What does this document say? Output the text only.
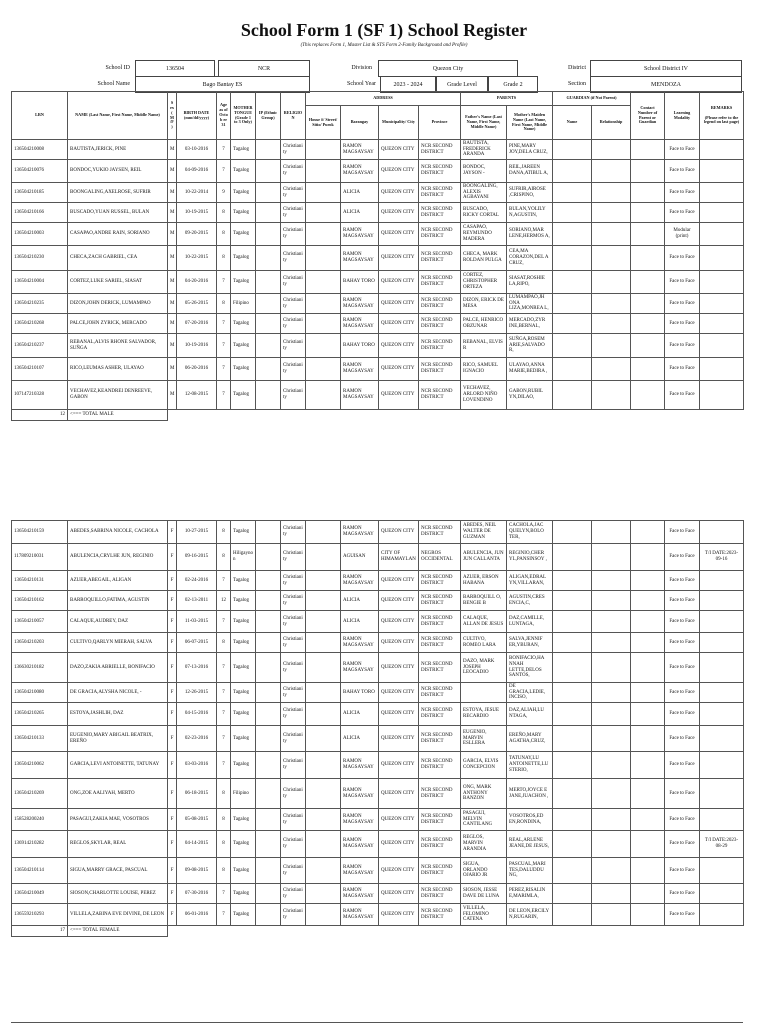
School Form 1 (SF 1) School Register
(This replaces Form 1, Master List & STS Form 2-Family Background and Profile)
School ID	136504	NCR	Division	Quezon City	District	School District IV
School Name	Bago Bantay ES	School Year	2023 - 2024	Grade Level	Grade 2	Section	MENDOZA
LRN	NAME (Last Name, First Name, Middle Name)	Sex (M/F)	BIRTH DATE (mm/dd/yyyy)	Age as of Octob er 31	MOTHER TONGUE (Grade 1 to 3 Only)	IP (Ethnic Group)	RELIGIO N	ADDRESS				PARENTS		GUARDIAN (if Not Parent)		Contact Number of Parent or Guardian	Learning Modality	REMARKS

(Please refer to the legend on last page)
								House #/ Street/ Sitio/ Purok	Barangay	Municipality/ City	Province	Father's Name (Last Name, First Name, Middle Name)	Mother's Maiden Name (Last Name, First Name, Middle Name)	Name	Relationship			
136504210008	BAUTISTA,JERICK, PINE	M	03-10-2016	7	Tagalog		Christianity		RAMON MAGSAYSAY	QUEZON CITY	NCR SECOND DISTRICT	BAUTISTA, FREDERICK ARANDA	PINE,MARY JOY,DELA CRUZ,				Face to Face	
136504210076	BONDOC,YUKIO JAYSEN, REIL	M	04-09-2016	7	Tagalog		Christianity		RAMON MAGSAYSAY	QUEZON CITY	NCR SECOND DISTRICT	BONDOC, JAYSON -	REIL,JAREEN DANA,ATIBUL A,				Face to Face	
136504210185	BOONGALING,AXELROSE, SUFRIR	M	10-22-2014	9	Tagalog		Christianity		ALICIA	QUEZON CITY	NCR SECOND DISTRICT	BOONGALING, ALEXIS AGBAYANI	SUFRIR,AIROSE ,CRISPINO,				Face to Face	
136504210166	BUSCADO,YUAN RUSSEL, BULAN	M	10-19-2015	8	Tagalog		Christianity		ALICIA	QUEZON CITY	NCR SECOND DISTRICT	BUSCADO, RICKY CORTAL	BULAN,YOLILY N,AGUSTIN,				Face to Face	
136504210003	CASAPAO,ANDRE RAIN, SORIANO	M	09-20-2015	8	Tagalog		Christianity		RAMON MAGSAYSAY	QUEZON CITY	NCR SECOND DISTRICT	CASAPAO, REYMUNDO MADERA	SORIANO,MAR LENE,HERMOS A,				Modular (print)	
136504210230	CHECA,ZACH GABRIEL, CEA	M	10-22-2015	8	Tagalog		Christianity		RAMON MAGSAYSAY	QUEZON CITY	NCR SECOND DISTRICT	CHECA, MARK ROLDAN PULGA	CEA,MA CORAZON,DEL A CRUZ,				Face to Face	
136504210004	CORTEZ,LUKE SARIEL, SIASAT	M	04-20-2016	7	Tagalog		Christianity		BAHAY TORO	QUEZON CITY	NCR SECOND DISTRICT	CORTEZ, CHRISTOPHER ORTEZA	SIASAT,ROSHIE LA,RIPO,				Face to Face	
136504210235	DIZON,JOHN DERICK, LUMAMPAO	M	05-26-2015	8	Filipino		Christianity		RAMON MAGSAYSAY	QUEZON CITY	NCR SECOND DISTRICT	DIZON, ERICK DE MESA	LUMAMPAO,JH ONA LIZA,MONREA L,				Face to Face	
136504210268	PALCE,JOHN ZYRICK, MERCADO	M	07-20-2016	7	Tagalog		Christianity		RAMON MAGSAYSAY	QUEZON CITY	NCR SECOND DISTRICT	PALCE, HENRICO OBZUNAR	MERCADO,ZYR INE,BERNAL,				Face to Face	
136504210237	REBANAL,ALVIS RHONE SALVADOR, SUÑGA	M	10-19-2016	7	Tagalog		Christianity		BAHAY TORO	QUEZON CITY	NCR SECOND DISTRICT	REBANAL, ELVIS R	SUÑGA,ROSEM ARIE,SALVADO R,				Face to Face	
136504210107	RICO,LEUMAS ASHER, ULAYAO	M	06-20-2016	7	Tagalog		Christianity		RAMON MAGSAYSAY	QUEZON CITY	NCR SECOND DISTRICT	RICO, SAMUEL IGNACIO	ULAYAO,ANNA MARIE,BEDIRA ,				Face to Face	
107147210328	VECHAVEZ,KEANDREI DENREEVE, GABON	M	12-08-2015	7	Tagalog		Christianity		RAMON MAGSAYSAY	QUEZON CITY	NCR SECOND DISTRICT	VECHAVEZ, ARLORD NIÑO LOVENDINO	GABON,RUBIL YN,DILAO,				Face to Face	
12	<=== TOTAL MALE																	
136504210159	ABEDES,SABRINA NICOLE, CACHOLA	F	10-27-2015	8	Tagalog		Christianity		RAMON MAGSAYSAY	QUEZON CITY	NCR SECOND DISTRICT	ABEDES, NEIL WALTER DE GUZMAN	CACHOLA,JAC QUELYN,BOLO TER,				Face to Face	
117809210031	ABULENCIA,CRYLHE JUN, REGINIO	F	09-16-2015	8	Hiligaynon		Christianity		AGUISAN	CITY OF HIMAMAYLAN	NEGROS OCCIDENTAL	ABULENCIA, JUN JUN CALLANTA	REGINIO,CHER YL,PANSINSOY ,				Face to Face	T/I DATE:2023-09-16
136504210131	AZUER,ABEGAIL, ALIGAN	F	02-24-2016	7	Tagalog		Christianity		RAMON MAGSAYSAY	QUEZON CITY	NCR SECOND DISTRICT	AZUER, ERSON HABANA	ALIGAN,EDRAL YN,VILLARAN,				Face to Face	
136504210162	BARROQUILLO,FATIMA, AGUSTIN	F	02-13-2011	12	Tagalog		Christianity		ALICIA	QUEZON CITY	NCR SECOND DISTRICT	BARROQUILL O, BENGIE B	AGUSTIN,CRES ENCIA,C,				Face to Face	
136504210057	CALAQUE,AUDREY, DAZ	F	11-03-2015	7	Tagalog		Christianity		ALICIA	QUEZON CITY	NCR SECOND DISTRICT	CALAQUE, ALLAN DE JESUS	DAZ,CAMILLE, LUNTAGA,				Face to Face	
136504210203	CULTIVO,QARLYN MIERAH, SALVA	F	06-07-2015	8	Tagalog		Christianity		RAMON MAGSAYSAY	QUEZON CITY	NCR SECOND DISTRICT	CULTIVO, ROMEO LARA	SALVA,JENNIF ER,YBURAN,				Face to Face	
136630210182	DAZO,ZAKIA ABRIELLE, BONIFACIO	F	07-13-2016	7	Tagalog		Christianity		RAMON MAGSAYSAY	QUEZON CITY	NCR SECOND DISTRICT	DAZO, MARK JOSEPH LEOCADIO	BONIFACIO,HA NNAH LETTE,DELOS SANTOS,				Face to Face	
136504210080	DE GRACIA,ALYSHA NICOLE, -	F	12-26-2015	7	Tagalog		Christianity		BAHAY TORO	QUEZON CITY	NCR SECOND DISTRICT		DE GRACIA,LEDIE, INCISO,				Face to Face	
136504210265	ESTOYA,JASHLIH, DAZ	F	04-15-2016	7	Tagalog		Christianity		ALICIA	QUEZON CITY	NCR SECOND DISTRICT	ESTOYA, JESUE RECARDIO	DAZ,ALIAH,LU NTAGA,				Face to Face	
136504210133	EUGENIO,MARY ABIGAIL BEATRIX, EREÑO	F	02-23-2016	7	Tagalog		Christianity		ALICIA	QUEZON CITY	NCR SECOND DISTRICT	EUGENIO, MARVIN ESLLERA	EREÑO,MARY AGATHA,CRUZ,				Face to Face	
136504210062	GARCIA,LEVI ANTOINETTE, TATUNAY	F	03-03-2016	7	Tagalog		Christianity		RAMON MAGSAYSAY	QUEZON CITY	NCR SECOND DISTRICT	GARCIA, ELVIS CONCEPCION	TATUNAY,LU ANTOINETTE,LU STERIO,				Face to Face	
136504210269	ONG,ZOE AALIYAH, MERTO	F	06-18-2015	8	Filipino		Christianity		RAMON MAGSAYSAY	QUEZON CITY	NCR SECOND DISTRICT	ONG, MARK ANTHONY BANZON	MERTO,JOYCE E JANE,JUACHON ,				Face to Face	
158528200240	PASAGUI,ZAKIA MAE, VOSOTROS	F	05-08-2015	8	Tagalog		Christianity		RAMON MAGSAYSAY	QUEZON CITY	NCR SECOND DISTRICT	PASAGUI, MELVIN CANTILANG	VOSOTROS,ED EN,RONDINA,				Face to Face	
136914210282	REGLOS,SKYLAR, REAL	F	04-14-2015	8	Tagalog		Christianity		RAMON MAGSAYSAY	QUEZON CITY	NCR SECOND DISTRICT	REGLOS, MARVIN ARANDIA	REAL,ARLENE JEANE,DE JESUS,				Face to Face	T/I DATE:2023-08-29
136504210114	SIGUA,MARRY GRACE, PASCUAL	F	09-08-2015	8	Tagalog		Christianity		RAMON MAGSAYSAY	QUEZON CITY	NCR SECOND DISTRICT	SIGUA, ORLANDO OJARIO JR	PASCUAL,MARI TES,DALUDDU NG,				Face to Face	
136504210049	SIOSON,CHARLOTTE LOUISE, PEREZ	F	07-30-2016	7	Tagalog		Christianity		RAMON MAGSAYSAY	QUEZON CITY	NCR SECOND DISTRICT	SIOSON, JESSE DAVE DE LUNA	PEREZ,RISALIN E,MARIMLA,				Face to Face	
136559210293	VILLELA,ZABINA EVE DIVINE, DE LEON	F	06-01-2016	7	Tagalog		Christianity		RAMON MAGSAYSAY	QUEZON CITY	NCR SECOND DISTRICT	VILLELA, FELOMINO CATENA	DE LEON,ERCILY N,RUGARIN,				Face to Face	
17	<=== TOTAL FEMALE																	
